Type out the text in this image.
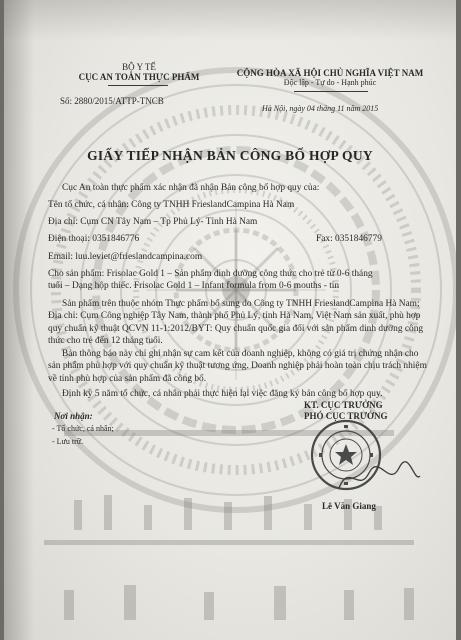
BỘ Y TẾ
CỤC AN TOÀN THỰC PHẨM
Số: 2880/2015/ATTP-TNCB
CỘNG HÒA XÃ HỘI CHỦ NGHĨA VIỆT NAM
Độc lập - Tự do - Hạnh phúc
Hà Nội, ngày 04 tháng 11 năm 2015
GIẤY TIẾP NHẬN BẢN CÔNG BỐ HỢP QUY
Cục An toàn thực phẩm xác nhận đã nhận Bản công bố hợp quy của:
Tên tổ chức, cá nhân: Công ty TNHH FrieslandCampina Hà Nam
Địa chỉ: Cụm CN Tây Nam – Tp Phủ Lý- Tỉnh Hà Nam
Điện thoại: 0351846776	Fax: 0351846779
Email: luu.leviet@frieslandcampina.com
Cho sản phẩm: Frisolac Gold 1 – Sản phẩm dinh dưỡng công thức cho trẻ từ 0-6 tháng
tuổi – Dạng hộp thiếc. Frisolac Gold 1 – Infant formula from 0-6 mouths - tin
Sản phẩm trên thuộc nhóm Thực phẩm bổ sung do Công ty TNHH FrieslandCampina Hà Nam; Địa chỉ: Cụm Công nghiệp Tây Nam, thành phố Phủ Lý, tỉnh Hà Nam, Việt Nam sản xuất, phù hợp quy chuẩn kỹ thuật QCVN 11-1:2012/BYT: Quy chuẩn quốc gia đối với sản phẩm dinh dưỡng công thức cho trẻ đến 12 tháng tuổi.
Bản thông báo này chỉ ghi nhận sự cam kết của doanh nghiệp, không có giá trị chứng nhận cho sản phẩm phù hợp với quy chuẩn kỹ thuật tương ứng. Doanh nghiệp phải hoàn toàn chịu trách nhiệm về tính phù hợp của sản phẩm đã công bố.
Định kỳ 5 năm tổ chức, cá nhân phải thực hiện lại việc đăng ký bản công bố hợp quy.
Nơi nhận:
- Tổ chức, cá nhân;
- Lưu trữ.
KT. CỤC TRƯỞNG
PHÓ CỤC TRƯỞNG
Lê Văn Giang
